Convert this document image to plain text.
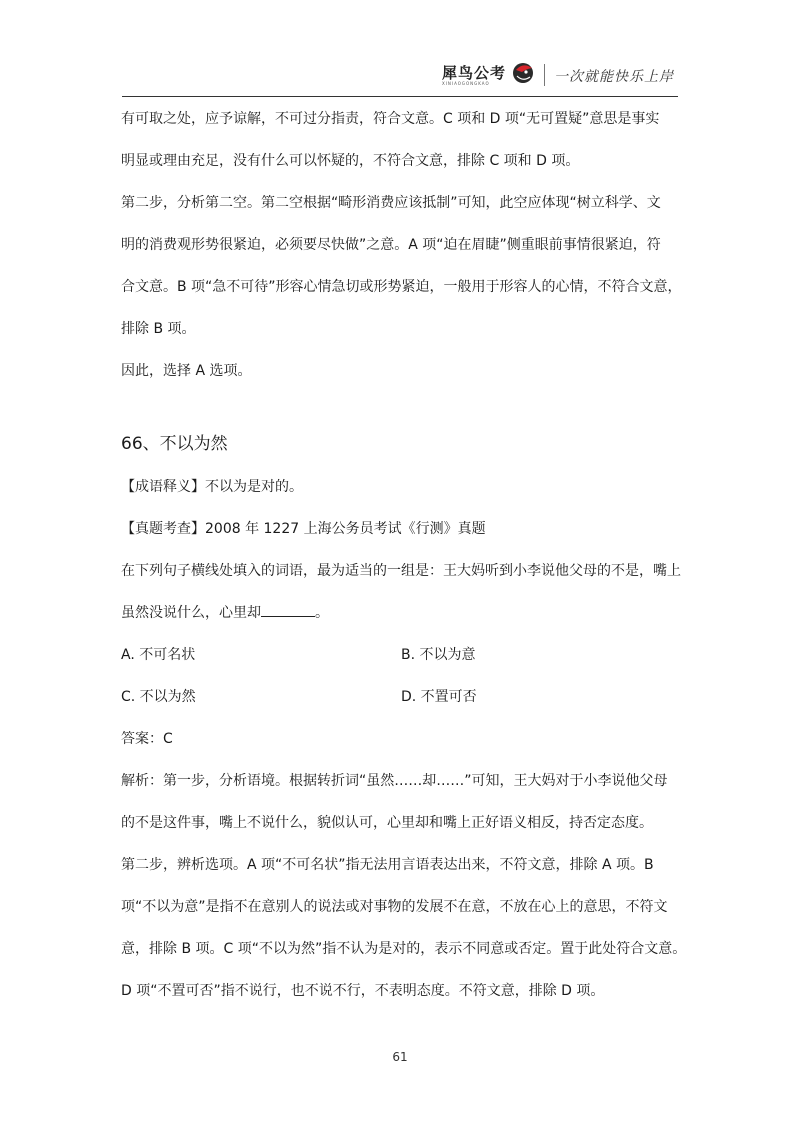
犀鸟公考
XINIAOGONGKAO	一次就能快乐上岸
有可取之处，应予谅解，不可过分指责，符合文意。C 项和 D 项“无可置疑”意思是事实
明显或理由充足，没有什么可以怀疑的，不符合文意，排除 C 项和 D 项。
第二步，分析第二空。第二空根据“畸形消费应该抵制”可知，此空应体现“树立科学、文
明的消费观形势很紧迫，必须要尽快做”之意。A 项“迫在眉睫”侧重眼前事情很紧迫，符
合文意。B 项“急不可待”形容心情急切或形势紧迫，一般用于形容人的心情，不符合文意，
排除 B 项。
因此，选择 A 选项。
66、不以为然
【成语释义】不以为是对的。
【真题考查】2008 年 1227 上海公务员考试《行测》真题
在下列句子横线处填入的词语，最为适当的一组是：王大妈听到小李说他父母的不是，嘴上
虽然没说什么，心里却	。
A. 不可名状	B. 不以为意
C. 不以为然	D. 不置可否
答案：C
解析：第一步，分析语境。根据转折词“虽然……却……”可知，王大妈对于小李说他父母
的不是这件事，嘴上不说什么，貌似认可，心里却和嘴上正好语义相反，持否定态度。
第二步，辨析选项。A 项“不可名状”指无法用言语表达出来，不符文意，排除 A 项。B
项“不以为意”是指不在意别人的说法或对事物的发展不在意，不放在心上的意思，不符文
意，排除 B 项。C 项“不以为然”指不认为是对的，表示不同意或否定。置于此处符合文意。
D 项“不置可否”指不说行，也不说不行，不表明态度。不符文意，排除 D 项。
61
